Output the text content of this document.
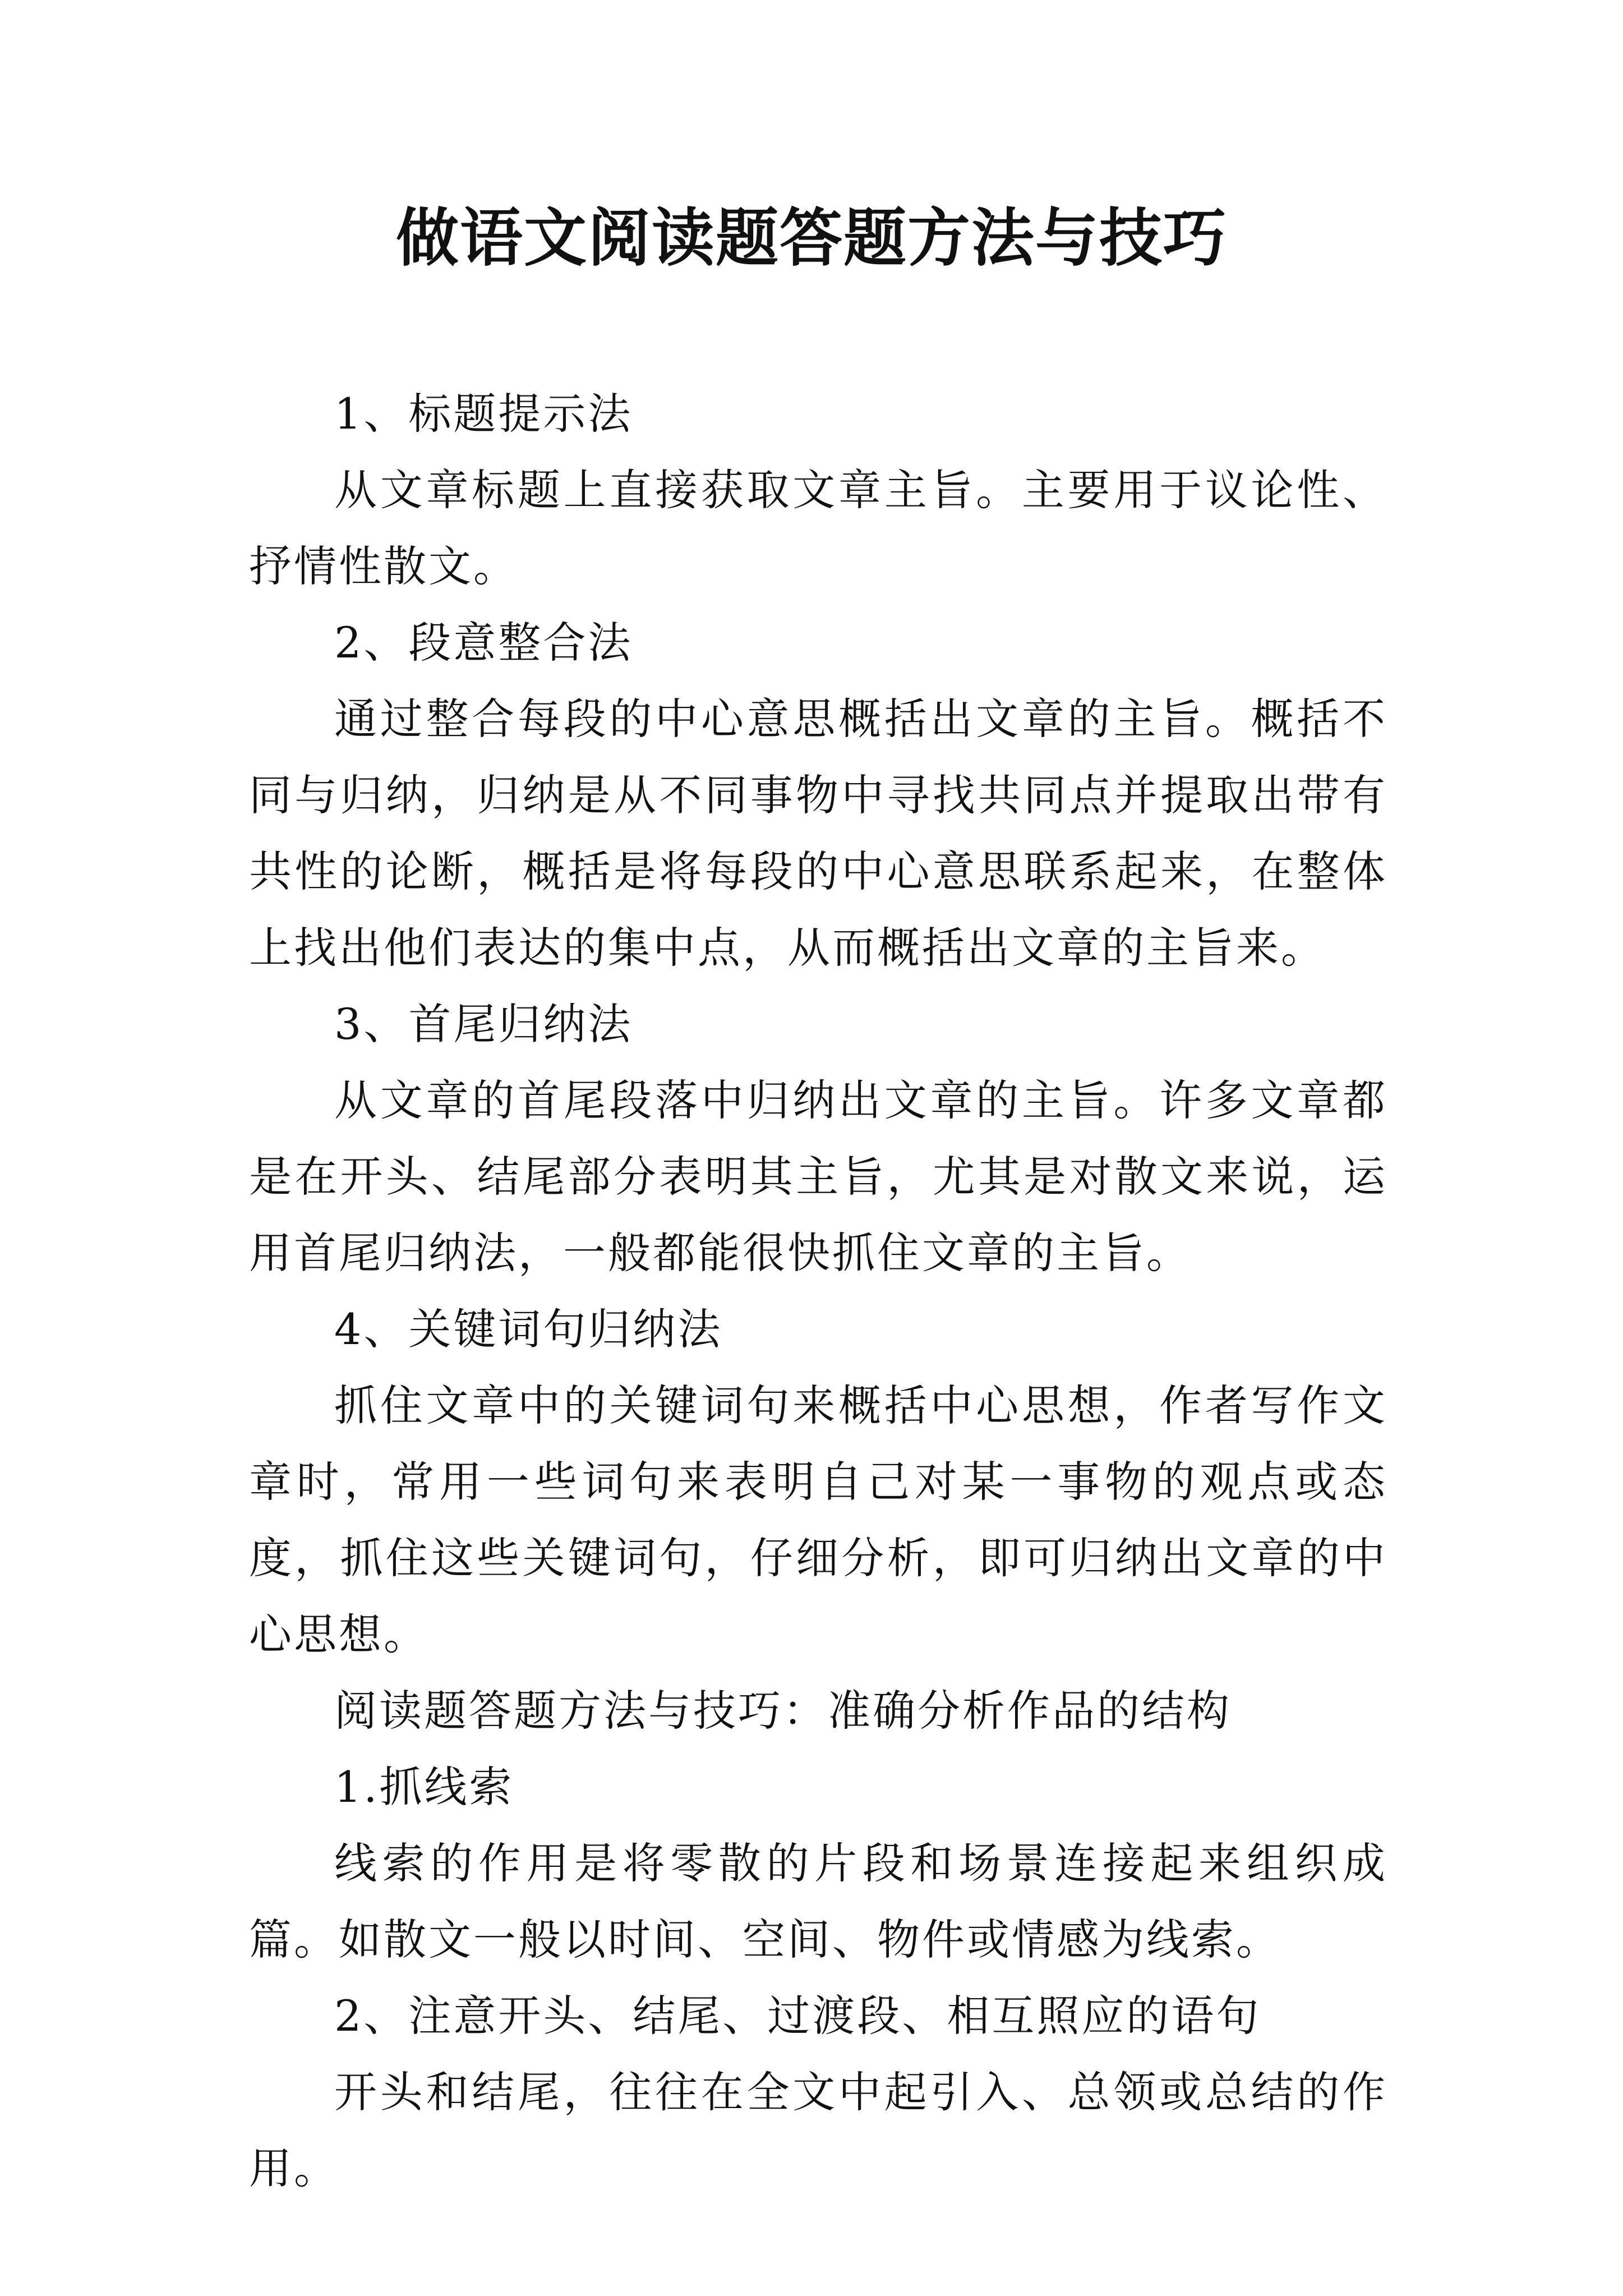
做语文阅读题答题方法与技巧

1、标题提示法

从文章标题上直接获取文章主旨。主要用于议论性、抒情性散文。

2、段意整合法

通过整合每段的中心意思概括出文章的主旨。概括不同与归纳，归纳是从不同事物中寻找共同点并提取出带有共性的论断，概括是将每段的中心意思联系起来，在整体上找出他们表达的集中点，从而概括出文章的主旨来。

3、首尾归纳法

从文章的首尾段落中归纳出文章的主旨。许多文章都是在开头、结尾部分表明其主旨，尤其是对散文来说，运用首尾归纳法，一般都能很快抓住文章的主旨。

4、关键词句归纳法

抓住文章中的关键词句来概括中心思想，作者写作文章时，常用一些词句来表明自己对某一事物的观点或态度，抓住这些关键词句，仔细分析，即可归纳出文章的中心思想。

阅读题答题方法与技巧：准确分析作品的结构

1.抓线索

线索的作用是将零散的片段和场景连接起来组织成篇。如散文一般以时间、空间、物件或情感为线索。

2、注意开头、结尾、过渡段、相互照应的语句

开头和结尾，往往在全文中起引入、总领或总结的作用。
